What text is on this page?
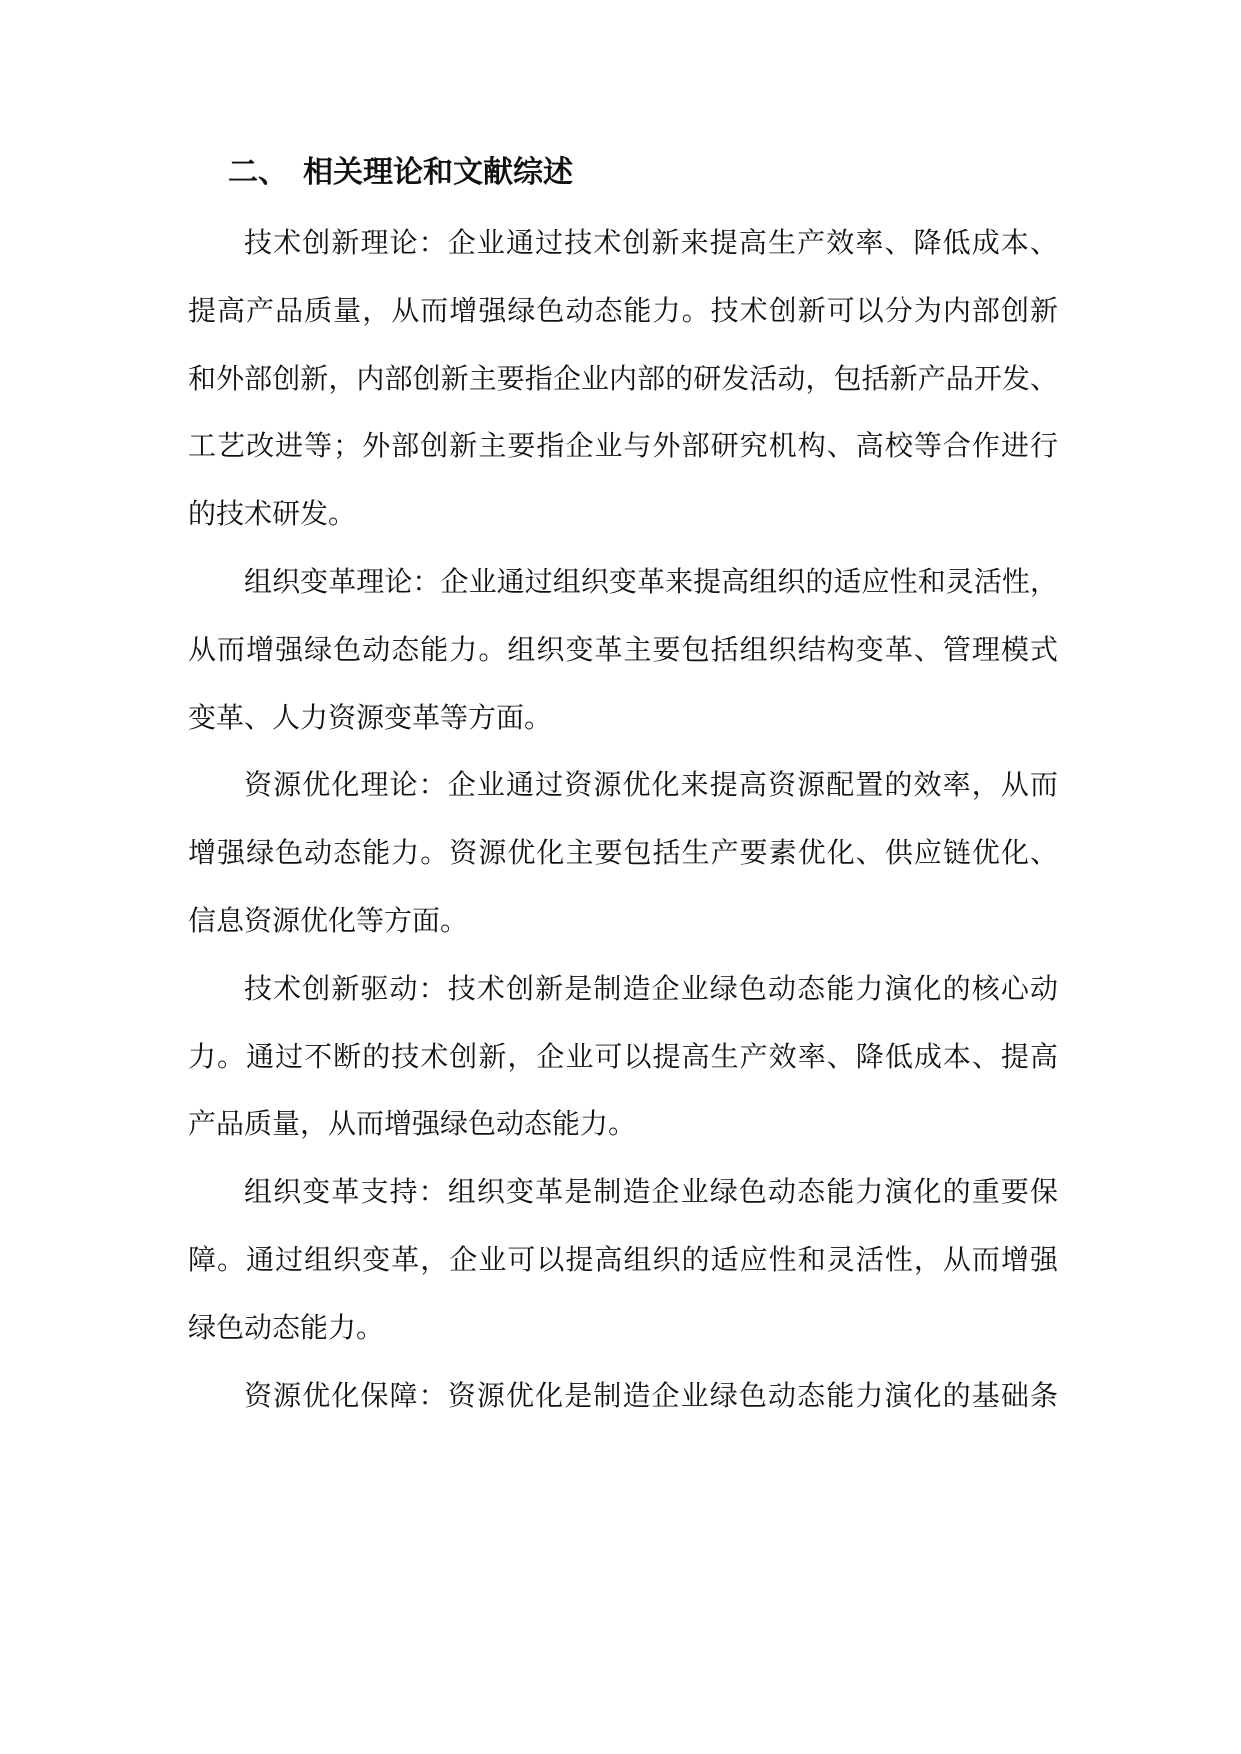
二、 相关理论和文献综述
技术创新理论：企业通过技术创新来提高生产效率、降低成本、
提高产品质量，从而增强绿色动态能力。技术创新可以分为内部创新
和外部创新，内部创新主要指企业内部的研发活动，包括新产品开发、
工艺改进等；外部创新主要指企业与外部研究机构、高校等合作进行
的技术研发。
组织变革理论：企业通过组织变革来提高组织的适应性和灵活性，
从而增强绿色动态能力。组织变革主要包括组织结构变革、管理模式
变革、人力资源变革等方面。
资源优化理论：企业通过资源优化来提高资源配置的效率，从而
增强绿色动态能力。资源优化主要包括生产要素优化、供应链优化、
信息资源优化等方面。
技术创新驱动：技术创新是制造企业绿色动态能力演化的核心动
力。通过不断的技术创新，企业可以提高生产效率、降低成本、提高
产品质量，从而增强绿色动态能力。
组织变革支持：组织变革是制造企业绿色动态能力演化的重要保
障。通过组织变革，企业可以提高组织的适应性和灵活性，从而增强
绿色动态能力。
资源优化保障：资源优化是制造企业绿色动态能力演化的基础条
